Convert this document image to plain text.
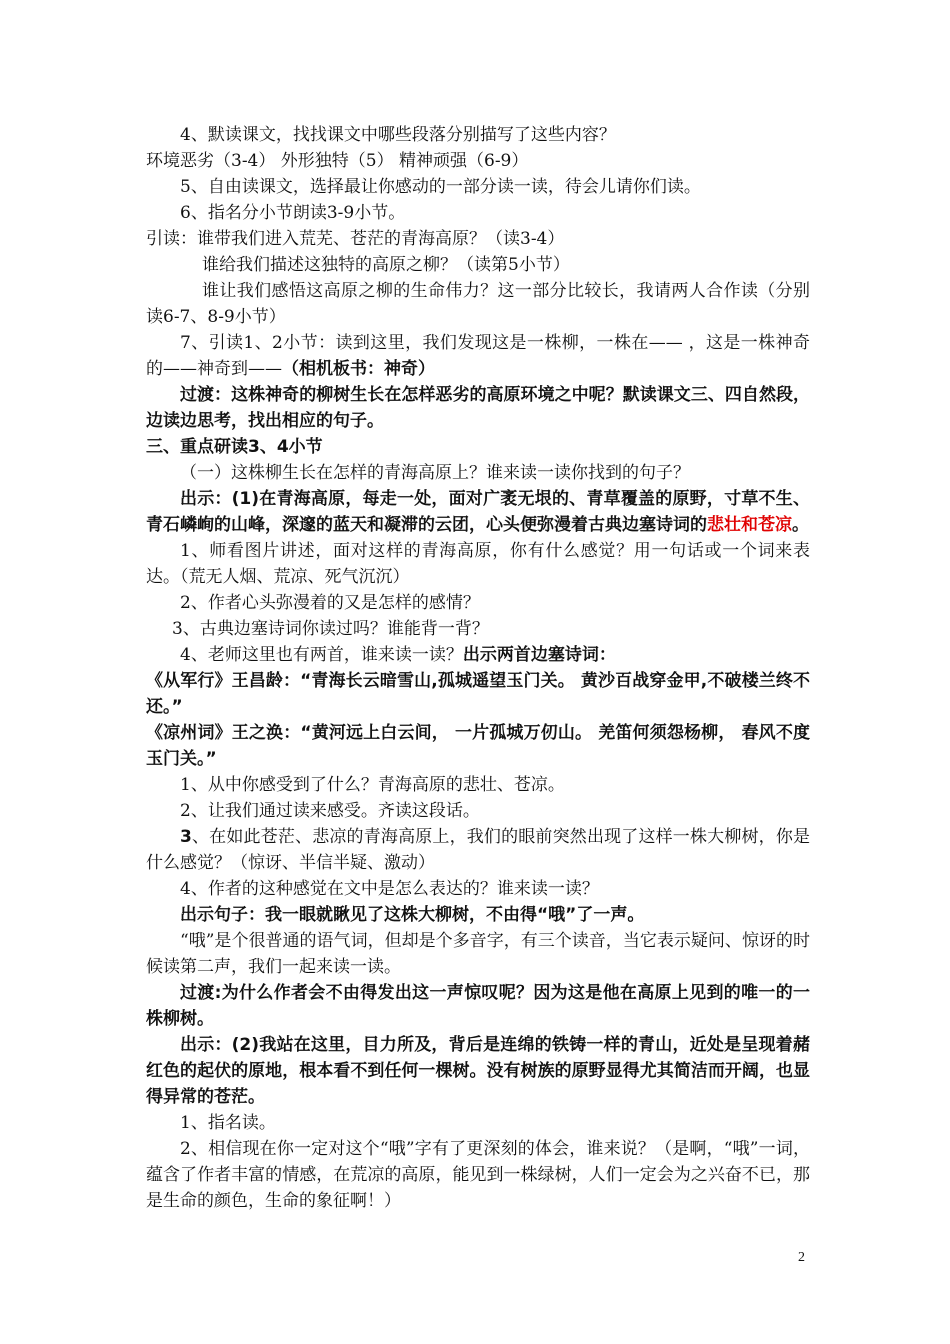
4、默读课文，找找课文中哪些段落分别描写了这些内容？

环境恶劣（3-4） 外形独特（5） 精神顽强（6-9）

5、自由读课文，选择最让你感动的一部分读一读，待会儿请你们读。

6、指名分小节朗读3-9小节。

引读：谁带我们进入荒芜、苍茫的青海高原？（读3-4）

谁给我们描述这独特的高原之柳？（读第5小节）

谁让我们感悟这高原之柳的生命伟力？这一部分比较长，我请两人合作读（分别读6-7、8-9小节）

7、引读1、2小节：读到这里，我们发现这是一株柳，一株在—— ，这是一株神奇的——神奇到——（相机板书：神奇）

过渡：这株神奇的柳树生长在怎样恶劣的高原环境之中呢？默读课文三、四自然段，边读边思考，找出相应的句子。

三、重点研读3、4小节

（一）这株柳生长在怎样的青海高原上？谁来读一读你找到的句子？

出示：(1)在青海高原，每走一处，面对广袤无垠的、青草覆盖的原野，寸草不生、青石嶙峋的山峰，深邃的蓝天和凝滞的云团，心头便弥漫着古典边塞诗词的悲壮和苍凉。

1、师看图片讲述，面对这样的青海高原，你有什么感觉？用一句话或一个词来表达。（荒无人烟、荒凉、死气沉沉）

2、作者心头弥漫着的又是怎样的感情？

3、古典边塞诗词你读过吗？谁能背一背？

4、老师这里也有两首，谁来读一读？出示两首边塞诗词：

《从军行》王昌龄：“青海长云暗雪山,孤城遥望玉门关。 黄沙百战穿金甲,不破楼兰终不还。”

《凉州词》王之涣：“黄河远上白云间， 一片孤城万仞山。 羌笛何须怨杨柳， 春风不度玉门关。”

1、从中你感受到了什么？青海高原的悲壮、苍凉。

2、让我们通过读来感受。齐读这段话。

3、在如此苍茫、悲凉的青海高原上，我们的眼前突然出现了这样一株大柳树，你是什么感觉？（惊讶、半信半疑、激动）

4、作者的这种感觉在文中是怎么表达的？谁来读一读？

出示句子：我一眼就瞅见了这株大柳树，不由得“哦”了一声。

“哦”是个很普通的语气词，但却是个多音字，有三个读音，当它表示疑问、惊讶的时候读第二声，我们一起来读一读。

过渡:为什么作者会不由得发出这一声惊叹呢？因为这是他在高原上见到的唯一的一株柳树。

出示：(2)我站在这里，目力所及，背后是连绵的铁铸一样的青山，近处是呈现着赭红色的起伏的原地，根本看不到任何一棵树。没有树族的原野显得尤其简洁而开阔，也显得异常的苍茫。

1、指名读。

2、相信现在你一定对这个“哦”字有了更深刻的体会，谁来说？（是啊，“哦”一词，蕴含了作者丰富的情感，在荒凉的高原，能见到一株绿树，人们一定会为之兴奋不已，那是生命的颜色，生命的象征啊！）

2
